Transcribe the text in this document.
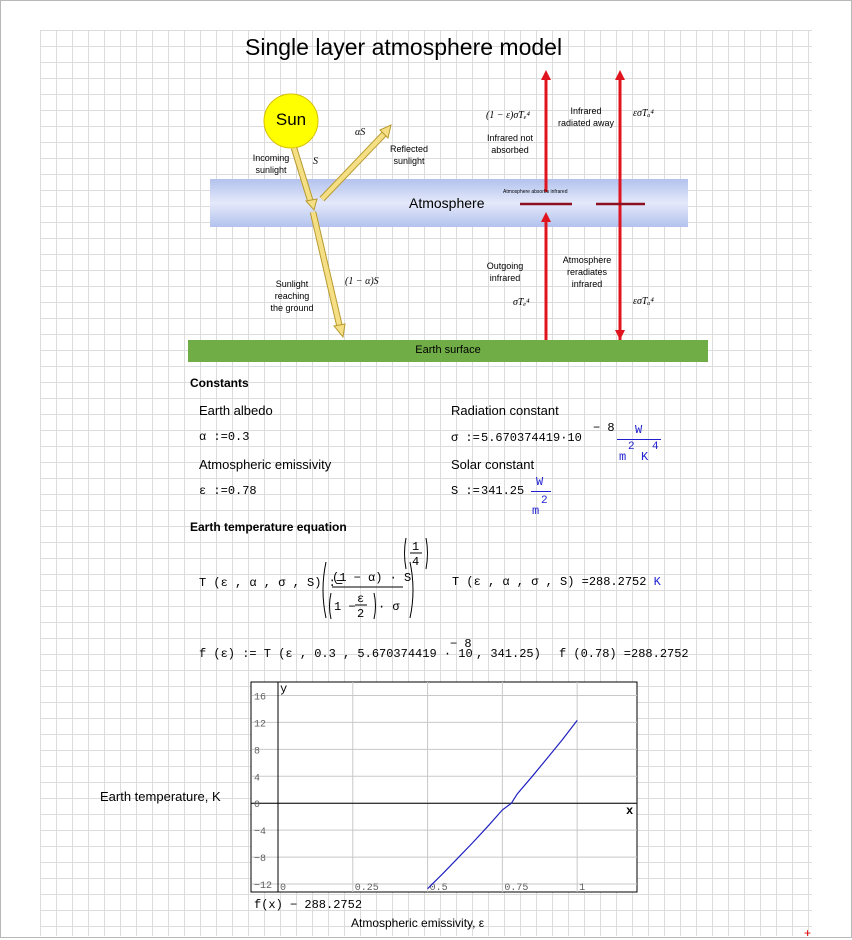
Single layer atmosphere model
Sun
Incoming
sunlight
S
αS
Reflected
sunlight
Atmosphere
Sunlight
reaching
the ground
(1 − α)S
Earth surface
(1 − ε)σTₑ⁴
Infrared not
absorbed
Infrared
radiated away
εσTₐ⁴
Atmosphere absorbs infrared
Outgoing
infrared
σTₑ⁴
Atmosphere
reradiates
infrared
εσTₐ⁴
Constants
Earth albedo
α :=0.3
Atmospheric emissivity
ε :=0.78
Radiation constant
σ := 5.670374419·10
− 8 W
m
2
K
4
Solar constant
S := 341.25
W
m
2
Earth temperature equation
T (ε , α , σ , S) :=
(1 − α) · S
1 −
ε
2 · σ
1
4
T (ε , α , σ , S) =288.2752 K
f (ε) := T (ε , 0.3 , 5.670374419 · 10
− 8
, 341.25) f (0.78) =288.2752
Earth temperature, K
y
x
0	0.25	0.5	0.75	1
16
12
8
4
0
−4
−8
−12
f(x) − 288.2752
Atmospheric emissivity, ε
+
